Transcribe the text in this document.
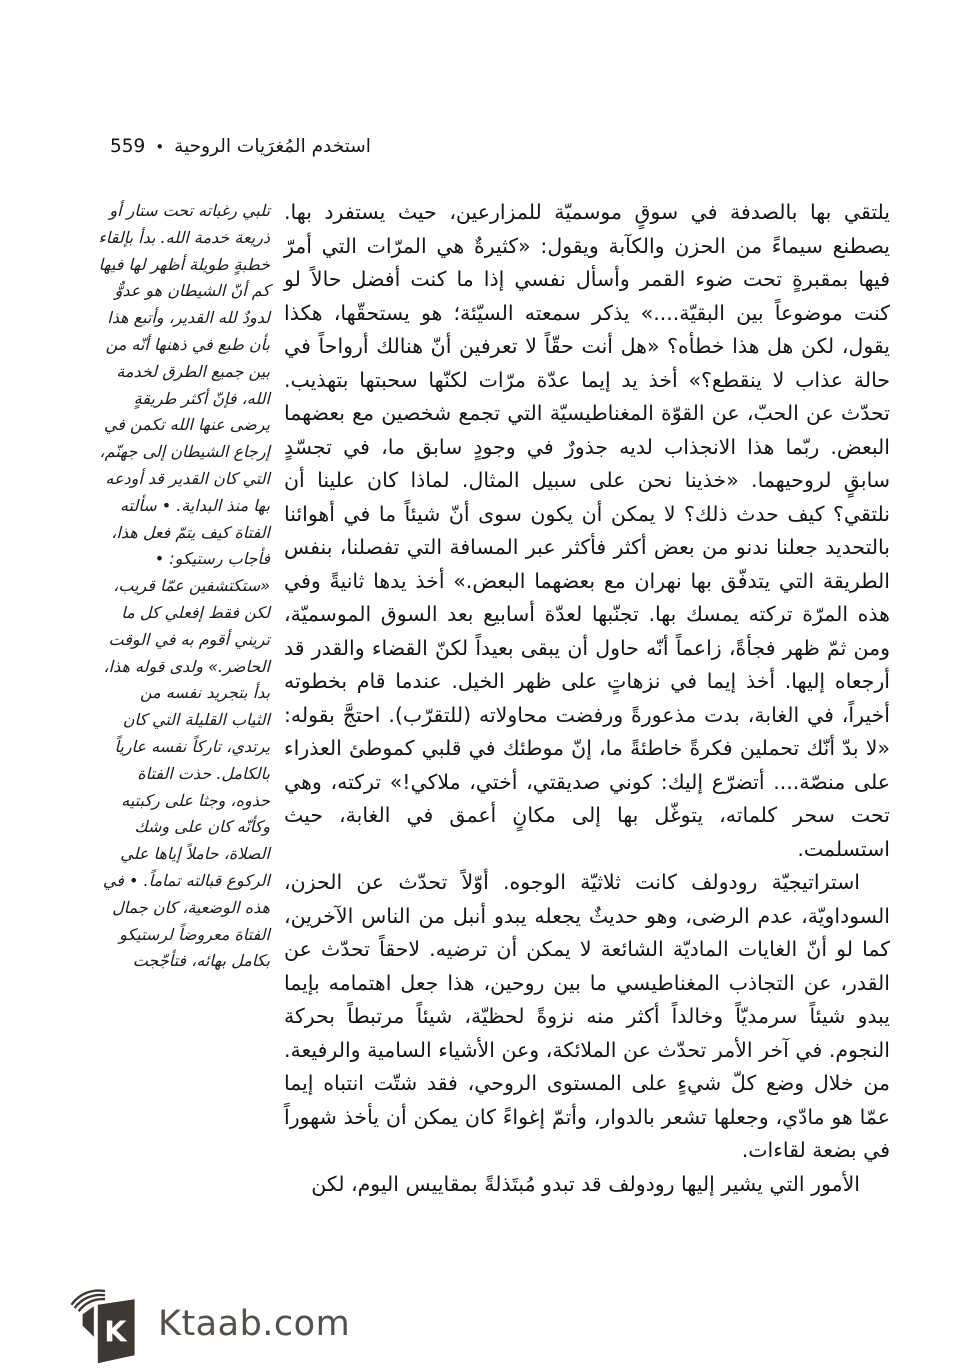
استخدم المُغرَيات الروحية•559

يلتقي بها بالصدفة في سوقٍ موسميّة للمزارعين، حيث يستفرد بها. يصطنع سيماءً من الحزن والكآبة ويقول: «كثيرةٌ هي المرّات التي أمرّ فيها بمقبرةٍ تحت ضوء القمر وأسأل نفسي إذا ما كنت أفضل حالاً لو كنت موضوعاً بين البقيّة....» يذكر سمعته السيّئة؛ هو يستحقّها، هكذا يقول، لكن هل هذا خطأه؟ «هل أنت حقّاً لا تعرفين أنّ هنالك أرواحاً في حالة عذاب لا ينقطع؟» أخذ يد إيما عدّة مرّات لكنّها سحبتها بتهذيب. تحدّث عن الحبّ، عن القوّة المغناطيسيّة التي تجمع شخصين مع بعضهما البعض. ربّما هذا الانجذاب لديه جذورٌ في وجودٍ سابق ما، في تجسّدٍ سابقٍ لروحيهما. «خذينا نحن على سبيل المثال. لماذا كان علينا أن نلتقي؟ كيف حدث ذلك؟ لا يمكن أن يكون سوى أنّ شيئاً ما في أهوائنا بالتحديد جعلنا ندنو من بعض أكثر فأكثر عبر المسافة التي تفصلنا، بنفس الطريقة التي يتدفّق بها نهران مع بعضهما البعض.» أخذ يدها ثانيةً وفي هذه المرّة تركته يمسك بها. تجنّبها لعدّة أسابيع بعد السوق الموسميّة، ومن ثمّ ظهر فجأةً، زاعماً أنّه حاول أن يبقى بعيداً لكنّ القضاء والقدر قد أرجعاه إليها. أخذ إيما في نزهاتٍ على ظهر الخيل. عندما قام بخطوته أخيراً، في الغابة، بدت مذعورةً ورفضت محاولاته (للتقرّب). احتجَّ بقوله: «لا بدّ أنّك تحملين فكرةً خاطئةً ما، إنّ موطئك في قلبي كموطئ العذراء على منصّة.... أتضرّع إليك: كوني صديقتي، أختي، ملاكي!» تركته، وهي تحت سحر كلماته، يتوغّل بها إلى مكانٍ أعمق في الغابة، حيث استسلمت.

استراتيجيّة رودولف كانت ثلاثيّة الوجوه. أوّلاً تحدّث عن الحزن، السوداويّة، عدم الرضى، وهو حديثٌ يجعله يبدو أنبل من الناس الآخرين، كما لو أنّ الغايات الماديّة الشائعة لا يمكن أن ترضيه. لاحقاً تحدّث عن القدر، عن التجاذب المغناطيسي ما بين روحين، هذا جعل اهتمامه بإيما يبدو شيئاً سرمديّاً وخالداً أكثر منه نزوةً لحظيّة، شيئاً مرتبطاً بحركة النجوم. في آخر الأمر تحدّث عن الملائكة، وعن الأشياء السامية والرفيعة. من خلال وضع كلّ شيءٍ على المستوى الروحي، فقد شتّت انتباه إيما عمّا هو مادّي، وجعلها تشعر بالدوار، وأتمّ إغواءً كان يمكن أن يأخذ شهوراً في بضعة لقاءات.

الأمور التي يشير إليها رودولف قد تبدو مُبتَذلةً بمقاييس اليوم، لكن

تلبي رغباته تحت ستار أو ذريعة خدمة الله. بدأ بإلقاء خطبةٍ طويلة أظهر لها فيها كم أنّ الشيطان هو عدوٌّ لدودٌ لله القدير، وأتبع هذا بأن طبع في ذهنها أنّه من بين جميع الطرق لخدمة الله، فإنّ أكثر طريقةٍ يرضى عنها الله تكمن في إرجاع الشيطان إلى جهنّم، التي كان القدير قد أودعه بها منذ البداية. • سألته الفتاة كيف يتمّ فعل هذا، فأجاب رستيكو: • «ستكتشفين عمّا قريب، لكن فقط إفعلي كل ما تريني أقوم به في الوقت الحاضر.» ولدى قوله هذا، بدأ بتجريد نفسه من الثياب القليلة التي كان يرتدي، تاركاً نفسه عارياً بالكامل. حذت الفتاة حذوه، وجثا على ركبتيه وكأنّه كان على وشك الصلاة، حاملاً إياها علي الركوع قبالته تماماً. • في هذه الوضعية، كان جمال الفتاة معروضاً لرستيكو بكامل بهائه، فتأجّجت
K Ktaab.com
